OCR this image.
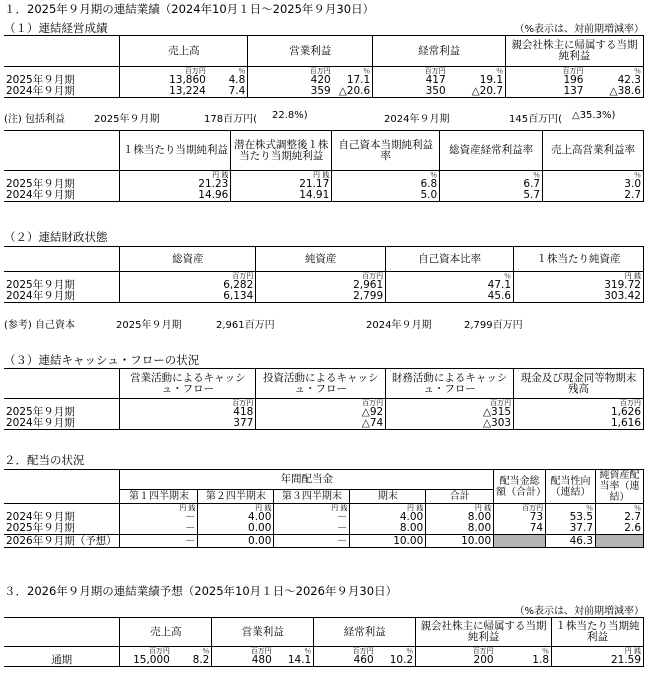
１．2025年９月期の連結業績（2024年10月１日～2025年９月30日）
（１）連結経営成績	（%表示は、対前期増減率）
	売上高		営業利益		経常利益		親会社株主に帰属する当期純利益	
	百万円	％	百万円	％	百万円	％	百万円	％
2025年９月期	13,860	4.8	420	17.1	417	19.1	196	42.3
2024年９月期	13,224	7.4	359	△20.6	350	△20.7	137	△38.6
(注) 包括利益	2025年９月期	178百万円( 22.8%)	2024年９月期	145百万円( △35.3%)
	１株当たり当期純利益	潜在株式調整後１株当たり当期純利益	自己資本当期純利益率	総資産経常利益率	売上高営業利益率
	円 銭	円 銭	％	％	％
2025年９月期	21.23	21.17	6.8	6.7	3.0
2024年９月期	14.96	14.91	5.0	5.7	2.7
（２）連結財政状態
	総資産	純資産	自己資本比率	１株当たり純資産
	百万円	百万円	％	円 銭
2025年９月期	6,282	2,961	47.1	319.72
2024年９月期	6,134	2,799	45.6	303.42
(参考) 自己資本	2025年９月期	2,961百万円	2024年９月期	2,799百万円
（３）連結キャッシュ・フローの状況
	営業活動によるキャッシュ・フロー	投資活動によるキャッシュ・フロー	財務活動によるキャッシュ・フロー	現金及び現金同等物期末残高
	百万円	百万円	百万円	百万円
2025年９月期	418	△92	△315	1,626
2024年９月期	377	△74	△303	1,616
２．配当の状況
	年間配当金					配当金総額（合計）	配当性向（連結）	純資産配当率（連結）
	第１四半期末	第２四半期末	第３四半期末	期末	合計			
	円 銭	円 銭	円 銭	円 銭	円 銭	百万円	％	％
2024年９月期	－	4.00	－	4.00	8.00	73	53.5	2.7
2025年９月期	－	0.00	－	8.00	8.00	74	37.7	2.6
2026年９月期（予想）	－	0.00	－	10.00	10.00		46.3	
３．2026年９月期の連結業績予想（2025年10月１日～2026年９月30日）
（%表示は、対前期増減率）
	売上高		営業利益		経常利益		親会社株主に帰属する当期純利益		１株当たり当期純利益
	百万円	％	百万円	％	百万円	％	百万円	％	円 銭
通期	15,000	8.2	480	14.1	460	10.2	200	1.8	21.59
